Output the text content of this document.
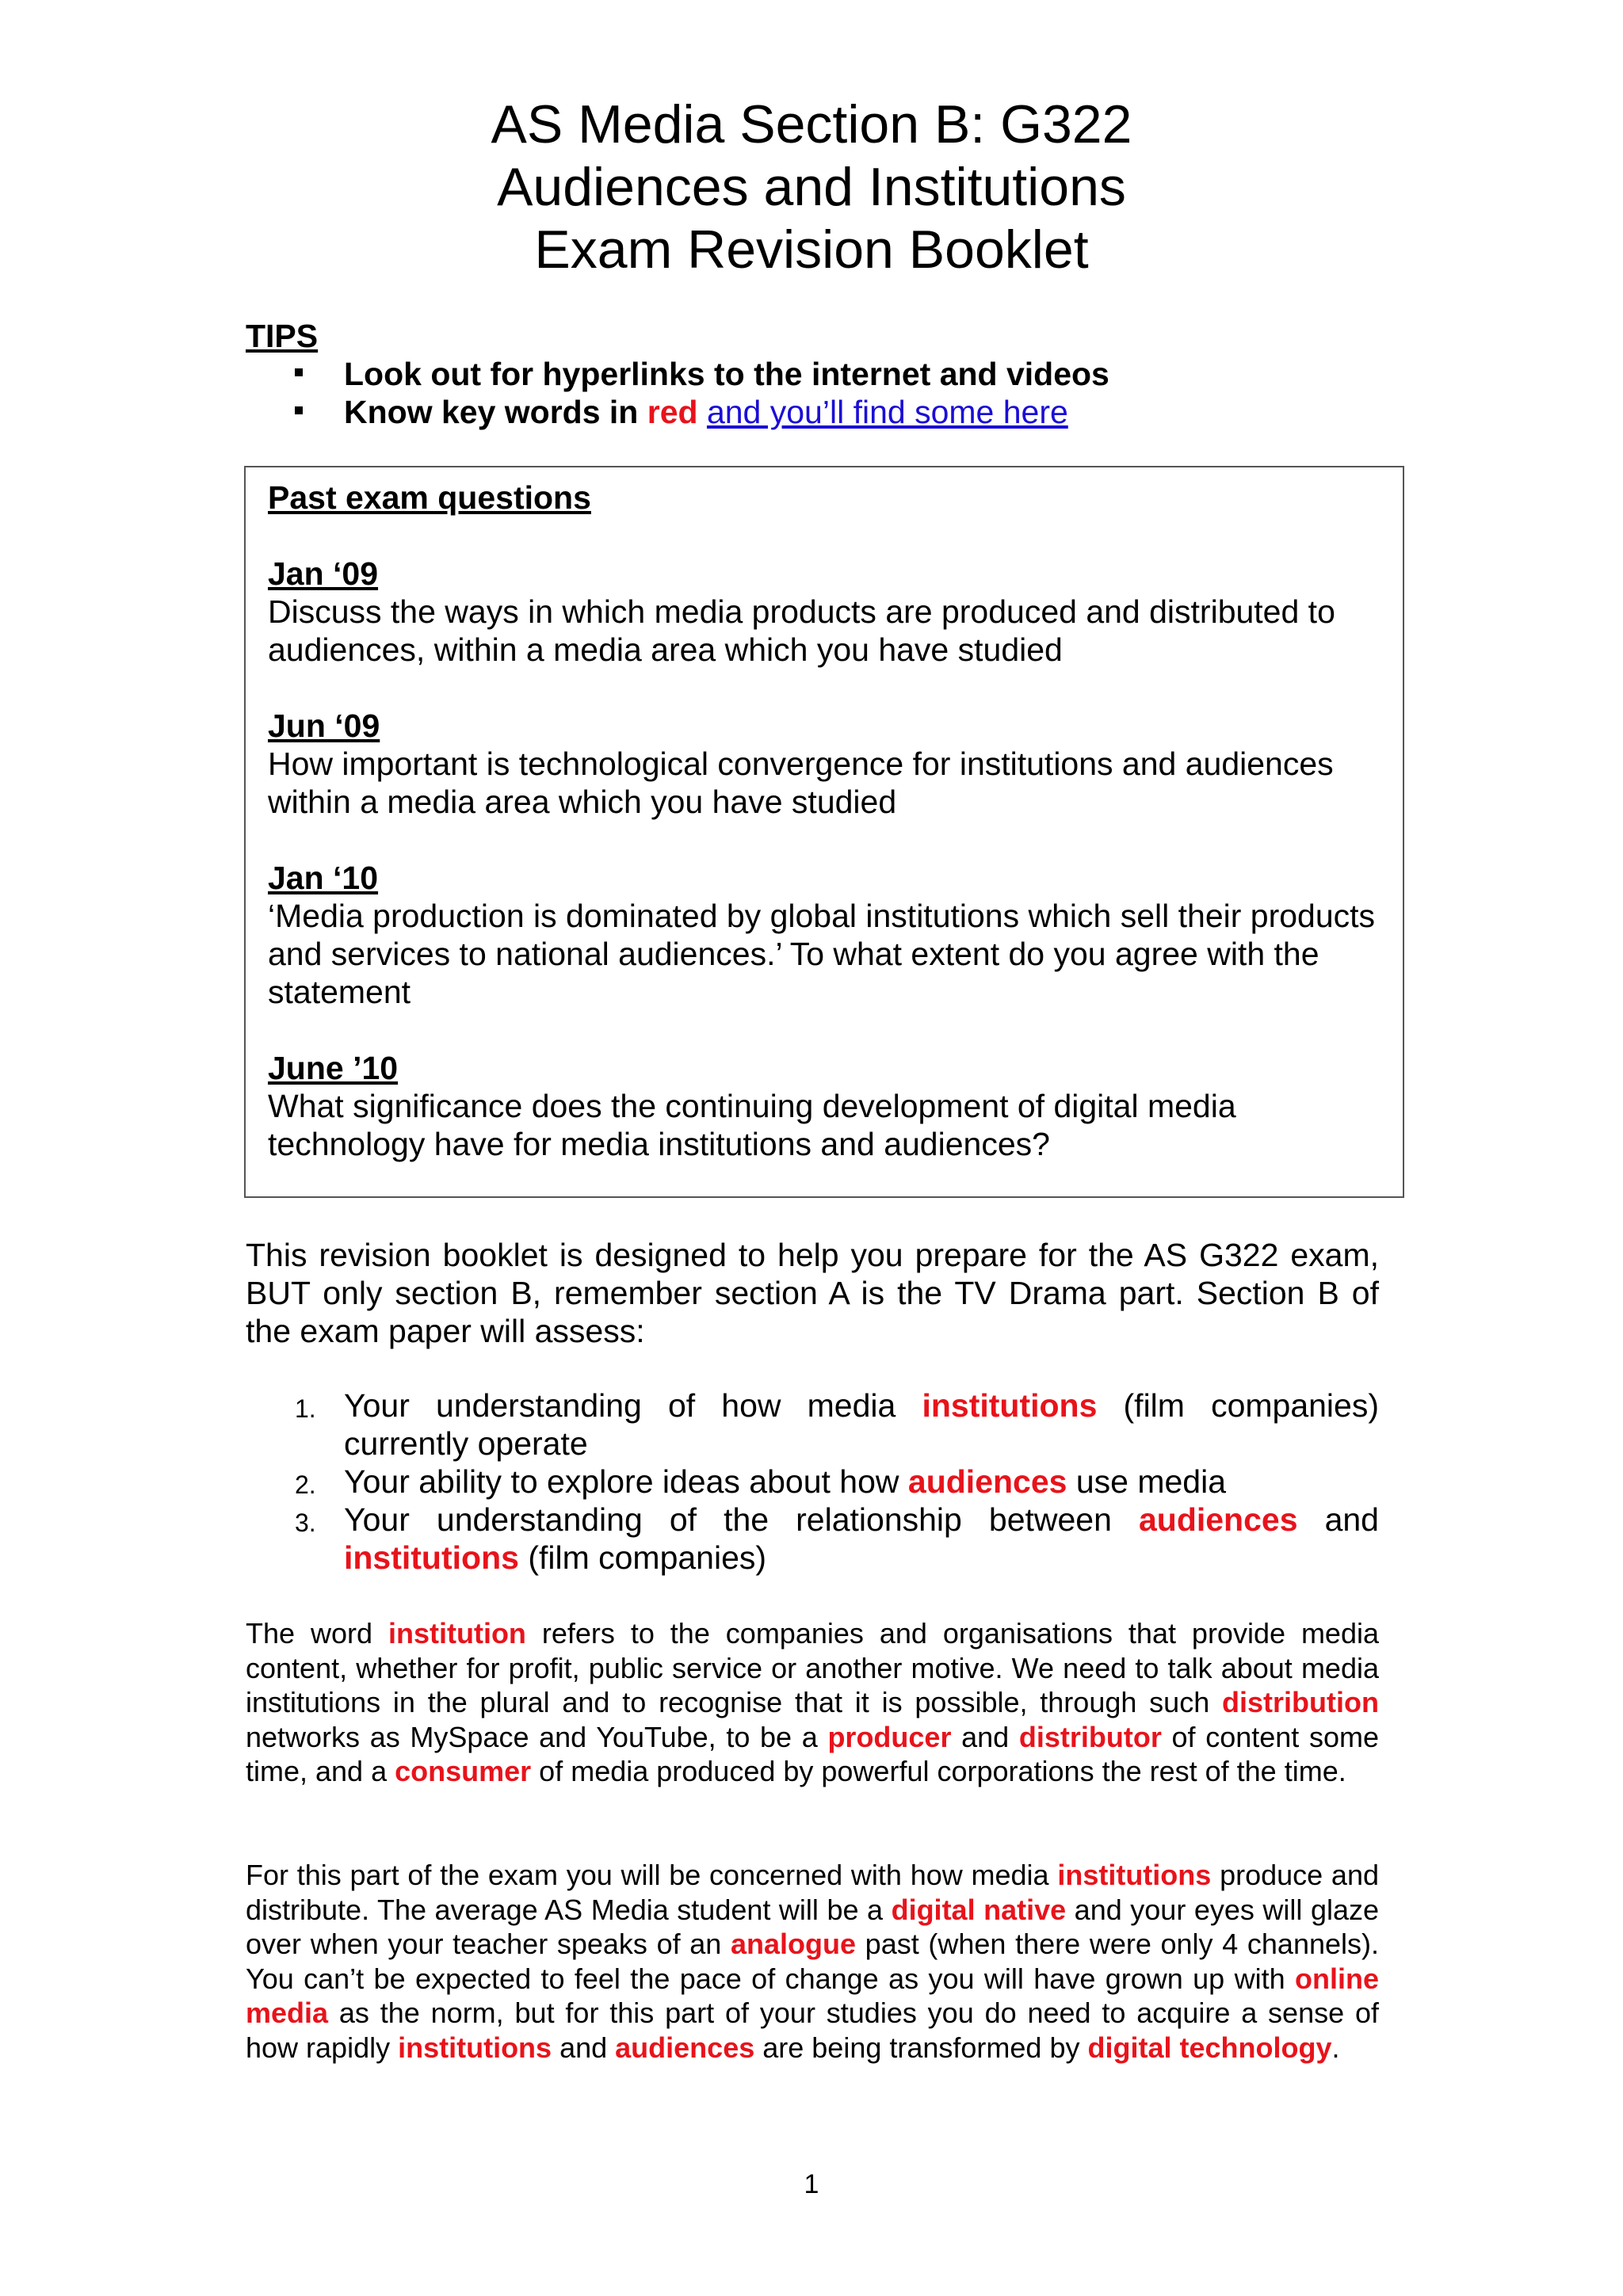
AS Media Section B: G322
Audiences and Institutions
Exam Revision Booklet
TIPS
Look out for hyperlinks to the internet and videos
Know key words in red and you’ll find some here
Past exam questions
Jan ‘09
Discuss the ways in which media products are produced and distributed to audiences, within a media area which you have studied
Jun ‘09
How important is technological convergence for institutions and audiences within a media area which you have studied
Jan ‘10
‘Media production is dominated by global institutions which sell their products and services to national audiences.’ To what extent do you agree with the statement
June ’10
What significance does the continuing development of digital media technology have for media institutions and audiences?
This revision booklet is designed to help you prepare for the AS G322 exam, BUT only section B, remember section A is the TV Drama part. Section B of the exam paper will assess:
1. Your understanding of how media institutions (film companies) currently operate
2. Your ability to explore ideas about how audiences use media
3. Your understanding of the relationship between audiences and institutions (film companies)
The word institution refers to the companies and organisations that provide media content, whether for profit, public service or another motive. We need to talk about media institutions in the plural and to recognise that it is possible, through such distribution networks as MySpace and YouTube, to be a producer and distributor of content some time, and a consumer of media produced by powerful corporations the rest of the time.
For this part of the exam you will be concerned with how media institutions produce and distribute. The average AS Media student will be a digital native and your eyes will glaze over when your teacher speaks of an analogue past (when there were only 4 channels). You can’t be expected to feel the pace of change as you will have grown up with online media as the norm, but for this part of your studies you do need to acquire a sense of how rapidly institutions and audiences are being transformed by digital technology.
1
